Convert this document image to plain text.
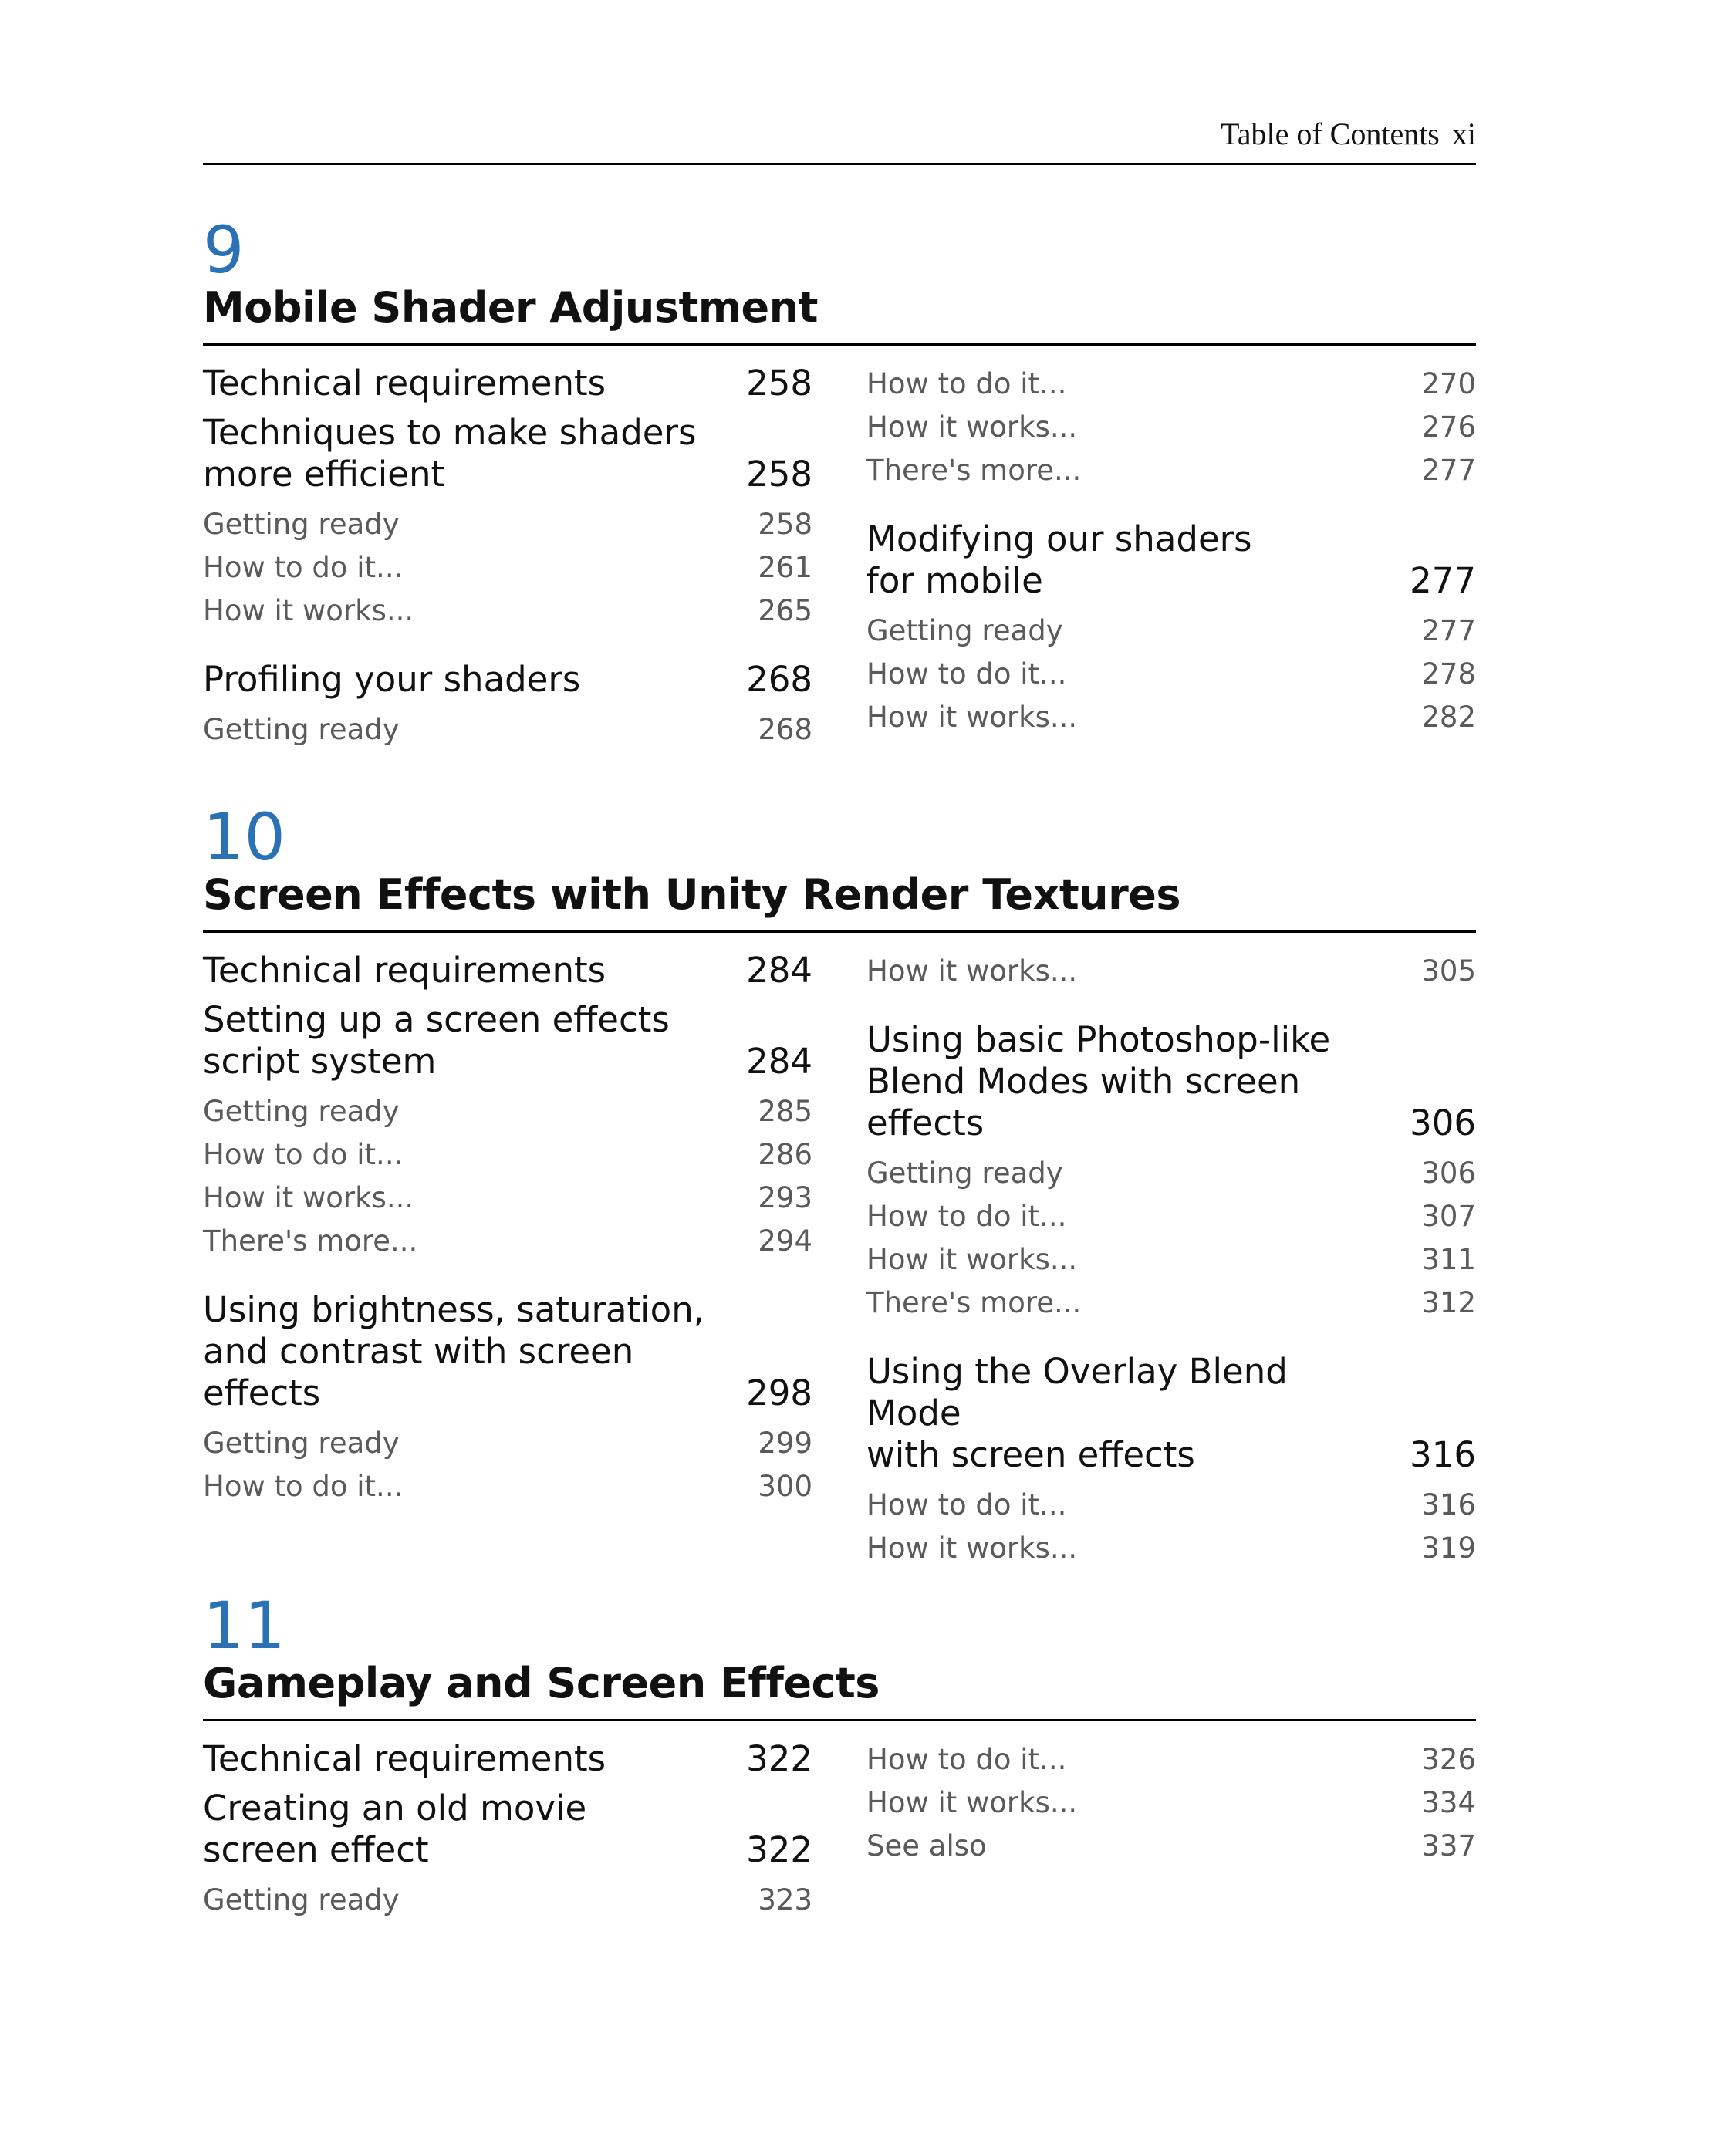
Table of Contents xi
9
Mobile Shader Adjustment
Technical requirements	258
Techniques to make shaders
more efficient	258
Getting ready	258
How to do it...	261
How it works...	265
Profiling your shaders	268
Getting ready	268
How to do it...	270
How it works...	276
There's more...	277
Modifying our shaders
for mobile	277
Getting ready	277
How to do it...	278
How it works...	282
10
Screen Effects with Unity Render Textures
Technical requirements	284
Setting up a screen effects
script system	284
Getting ready	285
How to do it...	286
How it works...	293
There's more...	294
Using brightness, saturation,
and contrast with screen
effects	298
Getting ready	299
How to do it...	300
How it works...	305
Using basic Photoshop-like
Blend Modes with screen
effects	306
Getting ready	306
How to do it...	307
How it works...	311
There's more...	312
Using the Overlay Blend Mode
with screen effects	316
How to do it...	316
How it works...	319
11
Gameplay and Screen Effects
Technical requirements	322
Creating an old movie
screen effect	322
Getting ready	323
How to do it...	326
How it works...	334
See also	337
